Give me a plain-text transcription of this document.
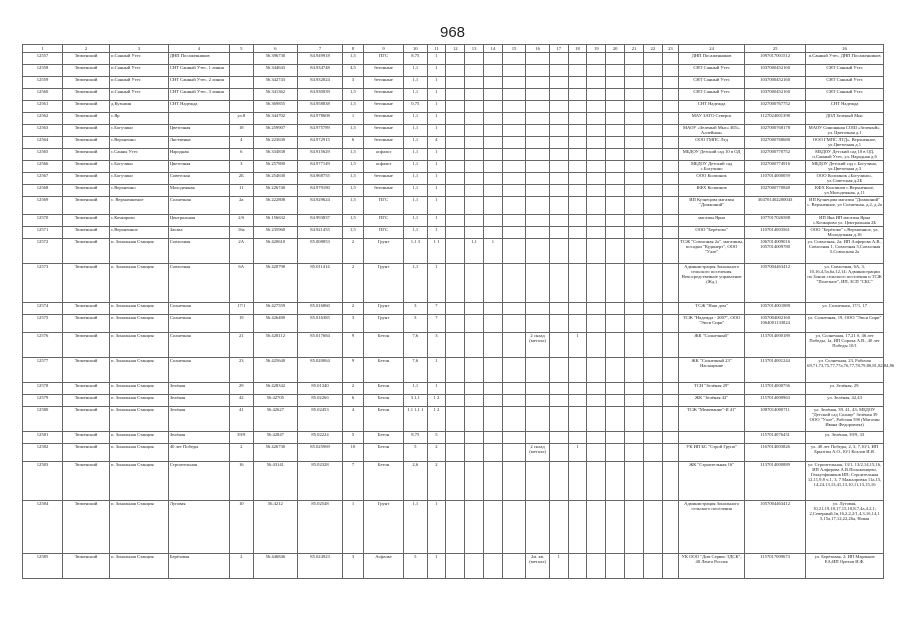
968
1	2	3	4	5	6	7	8	9	10	11	12	13	14	15	16	17	18	19	20	21	22	23	24	25	26
12557	Тюменский	п.Санный Утес	ДНП Посаженников		56.396730	84.949918	1,5	ПГС	8,75	1													ДНП Посаженников	1097017001512	п.Санный Утес, ДНП Посаженников
12558	Тюменский	п.Санный Утес	СНТ Санный Утес, 1 линия		56.344643	84.934748	4,5	бетонные	1,1	1													СНТ Санный Утес	1037000452160	СНТ Санный Утес
12559	Тюменский	п.Санный Утес	СНТ Санный Утес, 2 линия		56.342743	84.932824	3	бетонные	1,1	1													СНТ Санный Утес	1037000452160	СНТ Санный Утес
12560	Тюменский	п.Санный Утес	СНТ Санный Утес, 3 линия		56.341362	84.930039	1,5	бетонные	1,1	1													СНТ Санный Утес	1037000452160	СНТ Санный Утес
12561	Тюменский	д.Кузьмин	СНТ Надежда		56.369855	84.958838	1,5	бетонные	0,75	1													СНТ Надежда	1027000767752	СНТ Надежда
12562	Тюменский	с.Яр		ул.8	56.344702	84.978608	1	бетонные	1,1	1													МАУ ЗАТО Северск	1127024001398	ДОЛ Зеленый Мыс
12563	Тюменский	с.Богучино	Цветочная	18	56.259907	84.975789	1,5	бетонные	1,1	1													МАОУ «Зеленый Мыс» ИЛ», Аллейная»	1027000768178	МАОУ Синоняная СОШ «Зеленый», ул. Цветочная д.1
12564	Тюменский	с.Верхненно	Лиственна	4	56.223630	84.972915	6	бетонные	1,1	4													ООО ГМПС Лтд	1027000768680	ООО ГМПС ЛТД», Верхненное, ул.Цветочная д.1
12565	Тюменский	с.Санны Утес	Народная	6	56.334838	84.915629	1,5	асфальт	1,1	1													МБДОУ Детский сад 10 в ОД	1027000770752	МБДОУ Детский сад 10 в ОД, п.Санный Утес, ул. Народная д.6
12566	Тюменский	с.Богучино	Цветочная	3	56.257890	84.977149	1,5	асфальт	1,1	1													МБДОУ Детский сад с.Богучино	1027000774916	МБДОУ Детский сад с.Богучино, ул.Цветочная д.3
12567	Тюменский	с.Богучино	Советская	2Б	56.254630	84.968755	1,5	бетонные	1,1	1													ООО Колпинок	1107014000059	ООО Колпинок «Богучино», ул.Советская д.2Б
12568	Тюменский	с.Верхненно	Молодежная	11	56.226740	84.979180	1,5	бетонные	1,1	1													КФХ Колпинов	1027000770840	КФХ Колпинов с.Верхненное, ул.Молодежная, д.11
12569	Тюменский	с. Верхненненое	Солнечная	2а	56.222808	84.929624	1,5	ПГС	1,1	1													ИП Кузнецова магазин "Домашний"	304701402200043	ИП Кузнецова магазин "Домашний" с. Верхненное, ул Солнечная, д.2, д.2а
12570	Тюменский	с.Кочкарово	Центральная	2/б	56.156632	84.993837	1,5	ПГС	1,1	1													магазин Ярна	1077017026588	ИП Яна ИП магазин Ярна с.Кочкарово ул. Центральная 2Б
12571	Тюменский	с.Верхненное	Заозка	16а	56.235960	84.921455	1,5	ПГС	1,1	1													ООО "Берёзово"	1107014003561	ООО "Берёзово" с.Верхненное, ул. Молодежная д.16
12572	Тюменский	п. Зональная Станция	Совхозная	2А	56.420610	85.008853	2	Грунт	1,1 3	1 1		1,1	1										ТСЖ "Совхозная 2а". магазины, посадки "Кудинерт", ООО "Уале"	1067014009016 1057014009780	ул. Совхозная, 2а; ИП Алферова А.В., Совхозная 1, Совхозная 5,Совхозная 5,Совхозная 2а
12573	Тюменский	п. Зональная Станция	Совхозная	6А	56.420798	85.011414	2	Грунт	1,1	1													Администрация Зонального сельского поселения. Непосредственное управление (Жд.)	1057004463412	ул. Совхозная, 6А, 3, 10,16,4,5а,6а,12,14; Администрации по Зоном сельского поселения и ТСЖ "Полезное", ИП, ЗСП "СКС"
12574	Тюменский	п. Зональная Станция	Солнечная	17/1	56.427559	85.016860	2	Грунт	3	7													ТСЖ "Наш дом"	1057014001889	ул. Солнечная, 17/1, 17
12575	Тюменский	п. Зональная Станция	Солнечная	19	56.426480	85.016385	3	Грунт	3	7													ТСЖ "Надежда - 2007", ООО "Эмси Сири"	1057004002160 1064001133824	ул. Солнечная, 19, ООО "Эмси Сири"
12576	Тюменский	п. Зональная Станция	Солнечная	21	56.428112	85.017684	9	Бетон	7,6	3					2 склад (металл)		1						ЖК "Солнечный"	1137014000189	ул. Солнечная, 17,21 б, 46 лет Победы, 1а, ИП Сорока А.В., 40 лет Победы 10/1
12577	Тюменский	п. Зональная Станция	Солнечная	23	56.425640	85.020064	9	Бетон	7,6	1													ЖК "Солнечный 23" Насыщение	1137014001244	ул. Солнечная, 23, Рабочая 69,71,73,75,77,77а,76,77,78,79,80,81,82,84,86
12578	Тюменский	п. Зональная Станция	Зелёная	29	56.428342	85.01340	2	Бетон	1,1	1													ТСН "Зелёная 29"	1137014000756	ул. Зелёная, 29.
12579	Тюменский	п. Зональная Станция	Зелёная	42	56.42705	85.0226б	6	Бетон	3 1,1	1 2													ЖК "Зелёная 42"	1157014000963	ул. Зелёная, 42,43
12580	Тюменский	п. Зональная Станция	Зелёная	41	56.42627	85.02453	4	Бетон	1,1 1,1 1	1 2													ТСЖ "Межевание"-II 41"	1087014000711	ул. Зелёная, 39, 41, 43; МБДОУ "Детский сад Солнце" Зелёная 39 ООО "Уале", Рабочая 59б (Магазин Ивана Федоровича)
12581	Тюменский	п. Зональная Станция	Зелёная	39/9	56.42847	85.02224	5	Бетон	8,75	5														1157014076431	ул. Зелёная, 39/9, 33
12582	Тюменский	п. Зональная Станция	40 лет Победы	2	56.426730	85.025969	10	Бетон	5	2					2 склад (металл)		1						УК ИП БС "Строй Групп"	1167014003826	ул. 40 лет Победы, 2, 3, 7,10/1, ИП Брызгин А.О.,10/1 Козлов И.Я.
12583	Тюменский	п. Зональная Станция	Строительная	16	56.43141	85.02328	7	Бетон	2,6	2													ЖК "Строительная 16"	1137014000889	ул. Строительная, 13/1, 13/2,14,15,16, ИП Алферова А.В.Положенцево, Геккутфиников ИП; Строительная 12,11,9,8 ч.1, 3, 7 Мажалровка 11а,15, 14,24,13,13,41,13,10,11,13,15,16
12584	Тюменский	п. Зональная Станция	Луговая	10	56.4212	85.02548	1	Грунт	1,1	1													Администрация Зонального сельского поселения	1057004463412	ул. Луговая, 10,21,19,18,17,15,10,8,7,4а,4,2,1; 2,Северный,1в,16,2,2,2/1,4,3,1б,14,1 5,15а,17,12,22,26а, Новая
12585	Тюменский	п. Зональная Станция	Берёзовая	2	56.446846	85.024923	3	Асфальт	5	1					2м. кв. (металл)	1							УК ООО "Дом Сервис ТДСК", 40 Лента Россия	1157017009673	ул. Берёзовая, 2; ИП Марчьков ЕА;ИП Орехов И.Ф.
